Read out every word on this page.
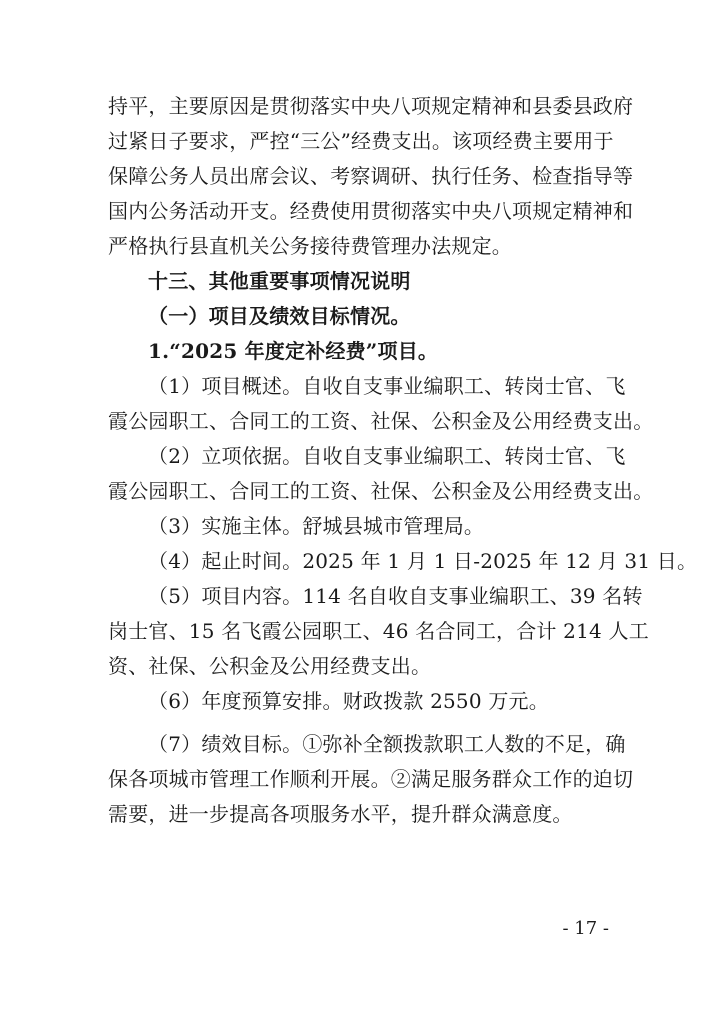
持平，主要原因是贯彻落实中央八项规定精神和县委县政府
过紧日子要求，严控“三公”经费支出。该项经费主要用于
保障公务人员出席会议、考察调研、执行任务、检查指导等
国内公务活动开支。经费使用贯彻落实中央八项规定精神和
严格执行县直机关公务接待费管理办法规定。
十三、其他重要事项情况说明
（一）项目及绩效目标情况。
1.“2025 年度定补经费”项目。
（1）项目概述。自收自支事业编职工、转岗士官、飞
霞公园职工、合同工的工资、社保、公积金及公用经费支出。
（2）立项依据。自收自支事业编职工、转岗士官、飞
霞公园职工、合同工的工资、社保、公积金及公用经费支出。
（3）实施主体。舒城县城市管理局。
（4）起止时间。2025 年 1 月 1 日-2025 年 12 月 31 日。
（5）项目内容。114 名自收自支事业编职工、39 名转
岗士官、15 名飞霞公园职工、46 名合同工，合计 214 人工
资、社保、公积金及公用经费支出。
（6）年度预算安排。财政拨款 2550 万元。
（7）绩效目标。①弥补全额拨款职工人数的不足，确
保各项城市管理工作顺利开展。②满足服务群众工作的迫切
需要，进一步提高各项服务水平，提升群众满意度。
- 17 -
